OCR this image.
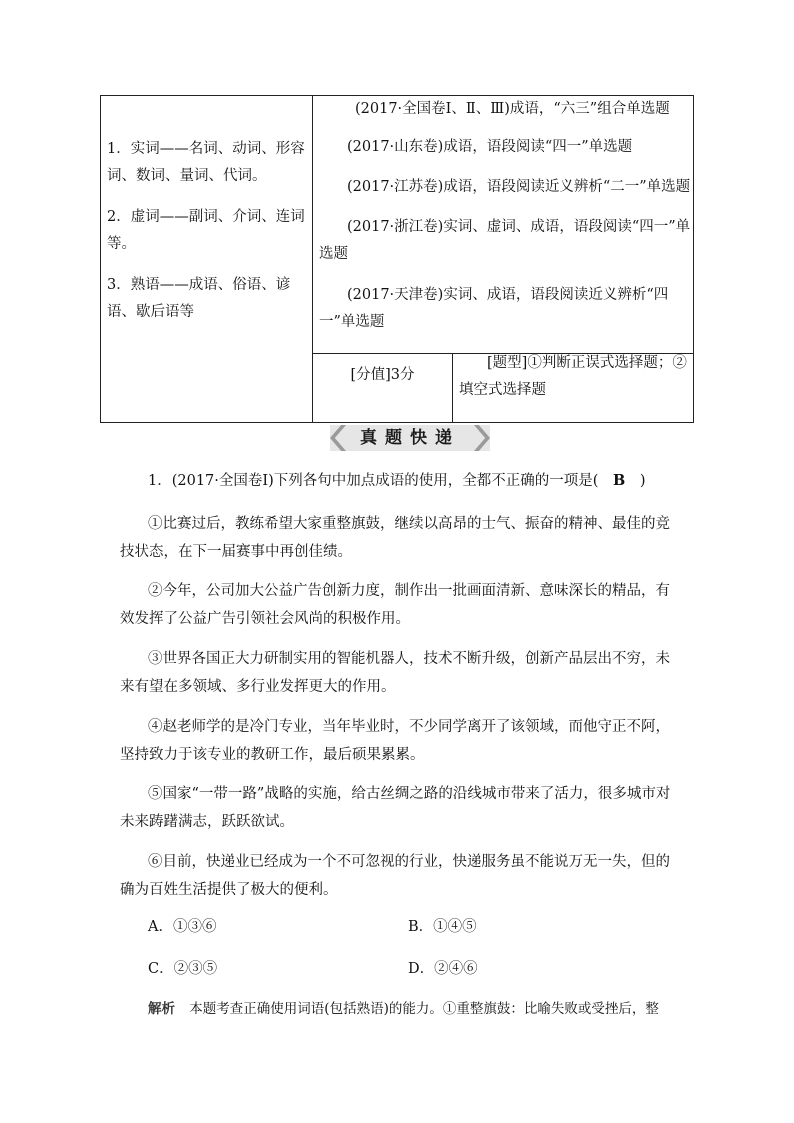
1．实词——名词、动词、形容词、数词、量词、代词。

2．虚词——副词、介词、连词等。

3．熟语——成语、俗语、谚语、歇后语等

(2017·全国卷Ⅰ、Ⅱ、Ⅲ)成语，“六三”组合单选题

(2017·山东卷)成语，语段阅读“四一”单选题

(2017·江苏卷)成语，语段阅读近义辨析“二一”单选题

(2017·浙江卷)实词、虚词、成语，语段阅读“四一”单选题

(2017·天津卷)实词、成语，语段阅读近义辨析“四一”单选题

[分值]3分

[题型]①判断正误式选择题；②填空式选择题

真题快递
1．(2017·全国卷Ⅰ)下列各句中加点成语的使用，全都不正确的一项是( B )

①比赛过后，教练希望大家重整旗鼓，继续以高昂的士气、振奋的精神、最佳的竞技状态，在下一届赛事中再创佳绩。

②今年，公司加大公益广告创新力度，制作出一批画面清新、意味深长的精品，有效发挥了公益广告引领社会风尚的积极作用。

③世界各国正大力研制实用的智能机器人，技术不断升级，创新产品层出不穷，未来有望在多领域、多行业发挥更大的作用。

④赵老师学的是冷门专业，当年毕业时，不少同学离开了该领域，而他守正不阿，坚持致力于该专业的教研工作，最后硕果累累。

⑤国家“一带一路”战略的实施，给古丝绸之路的沿线城市带来了活力，很多城市对未来踌躇满志，跃跃欲试。

⑥目前，快递业已经成为一个不可忽视的行业，快递服务虽不能说万无一失，但的确为百姓生活提供了极大的便利。

A．①③⑥	B．①④⑤
C．②③⑤	D．②④⑥
解析 本题考查正确使用词语(包括熟语)的能力。①重整旗鼓：比喻失败或受挫后，整
